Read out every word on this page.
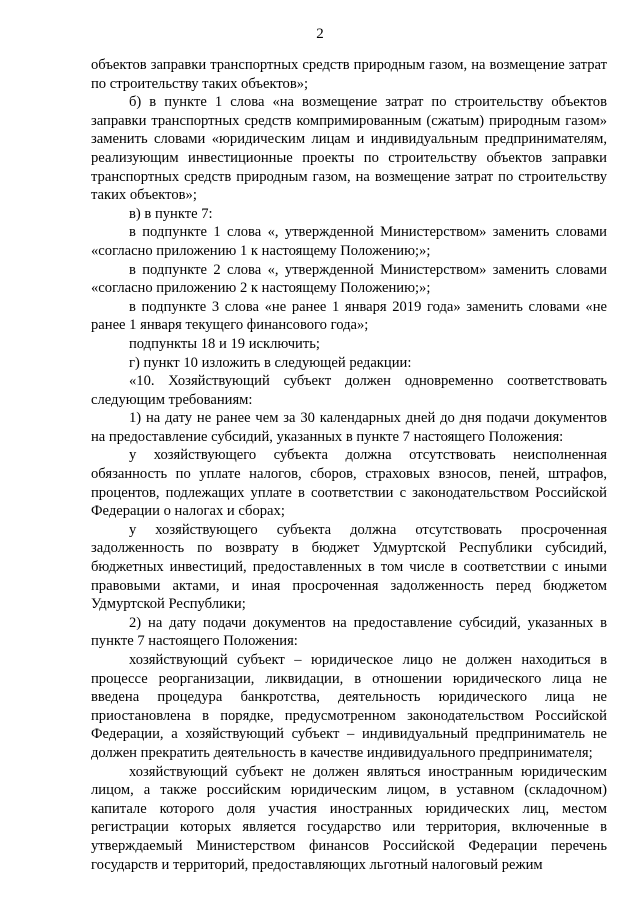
2

объектов заправки транспортных средств природным газом, на возмещение затрат по строительству таких объектов»;

б) в пункте 1 слова «на возмещение затрат по строительству объектов заправки транспортных средств компримированным (сжатым) природным газом» заменить словами «юридическим лицам и индивидуальным предпринимателям, реализующим инвестиционные проекты по строительству объектов заправки транспортных средств природным газом, на возмещение затрат по строительству таких объектов»;

в) в пункте 7:

в подпункте 1 слова «, утвержденной Министерством» заменить словами «согласно приложению 1 к настоящему Положению;»;

в подпункте 2 слова «, утвержденной Министерством» заменить словами «согласно приложению 2 к настоящему Положению;»;

в подпункте 3 слова «не ранее 1 января 2019 года» заменить словами «не ранее 1 января текущего финансового года»;

подпункты 18 и 19 исключить;

г) пункт 10 изложить в следующей редакции:

«10. Хозяйствующий субъект должен одновременно соответствовать следующим требованиям:

1) на дату не ранее чем за 30 календарных дней до дня подачи документов на предоставление субсидий, указанных в пункте 7 настоящего Положения:

у хозяйствующего субъекта должна отсутствовать неисполненная обязанность по уплате налогов, сборов, страховых взносов, пеней, штрафов, процентов, подлежащих уплате в соответствии с законодательством Российской Федерации о налогах и сборах;

у хозяйствующего субъекта должна отсутствовать просроченная задолженность по возврату в бюджет Удмуртской Республики субсидий, бюджетных инвестиций, предоставленных в том числе в соответствии с иными правовыми актами, и иная просроченная задолженность перед бюджетом Удмуртской Республики;

2) на дату подачи документов на предоставление субсидий, указанных в пункте 7 настоящего Положения:

хозяйствующий субъект – юридическое лицо не должен находиться в процессе реорганизации, ликвидации, в отношении юридического лица не введена процедура банкротства, деятельность юридического лица не приостановлена в порядке, предусмотренном законодательством Российской Федерации, а хозяйствующий субъект – индивидуальный предприниматель не должен прекратить деятельность в качестве индивидуального предпринимателя;

хозяйствующий субъект не должен являться иностранным юридическим лицом, а также российским юридическим лицом, в уставном (складочном) капитале которого доля участия иностранных юридических лиц, местом регистрации которых является государство или территория, включенные в утверждаемый Министерством финансов Российской Федерации перечень государств и территорий, предоставляющих льготный налоговый режим
